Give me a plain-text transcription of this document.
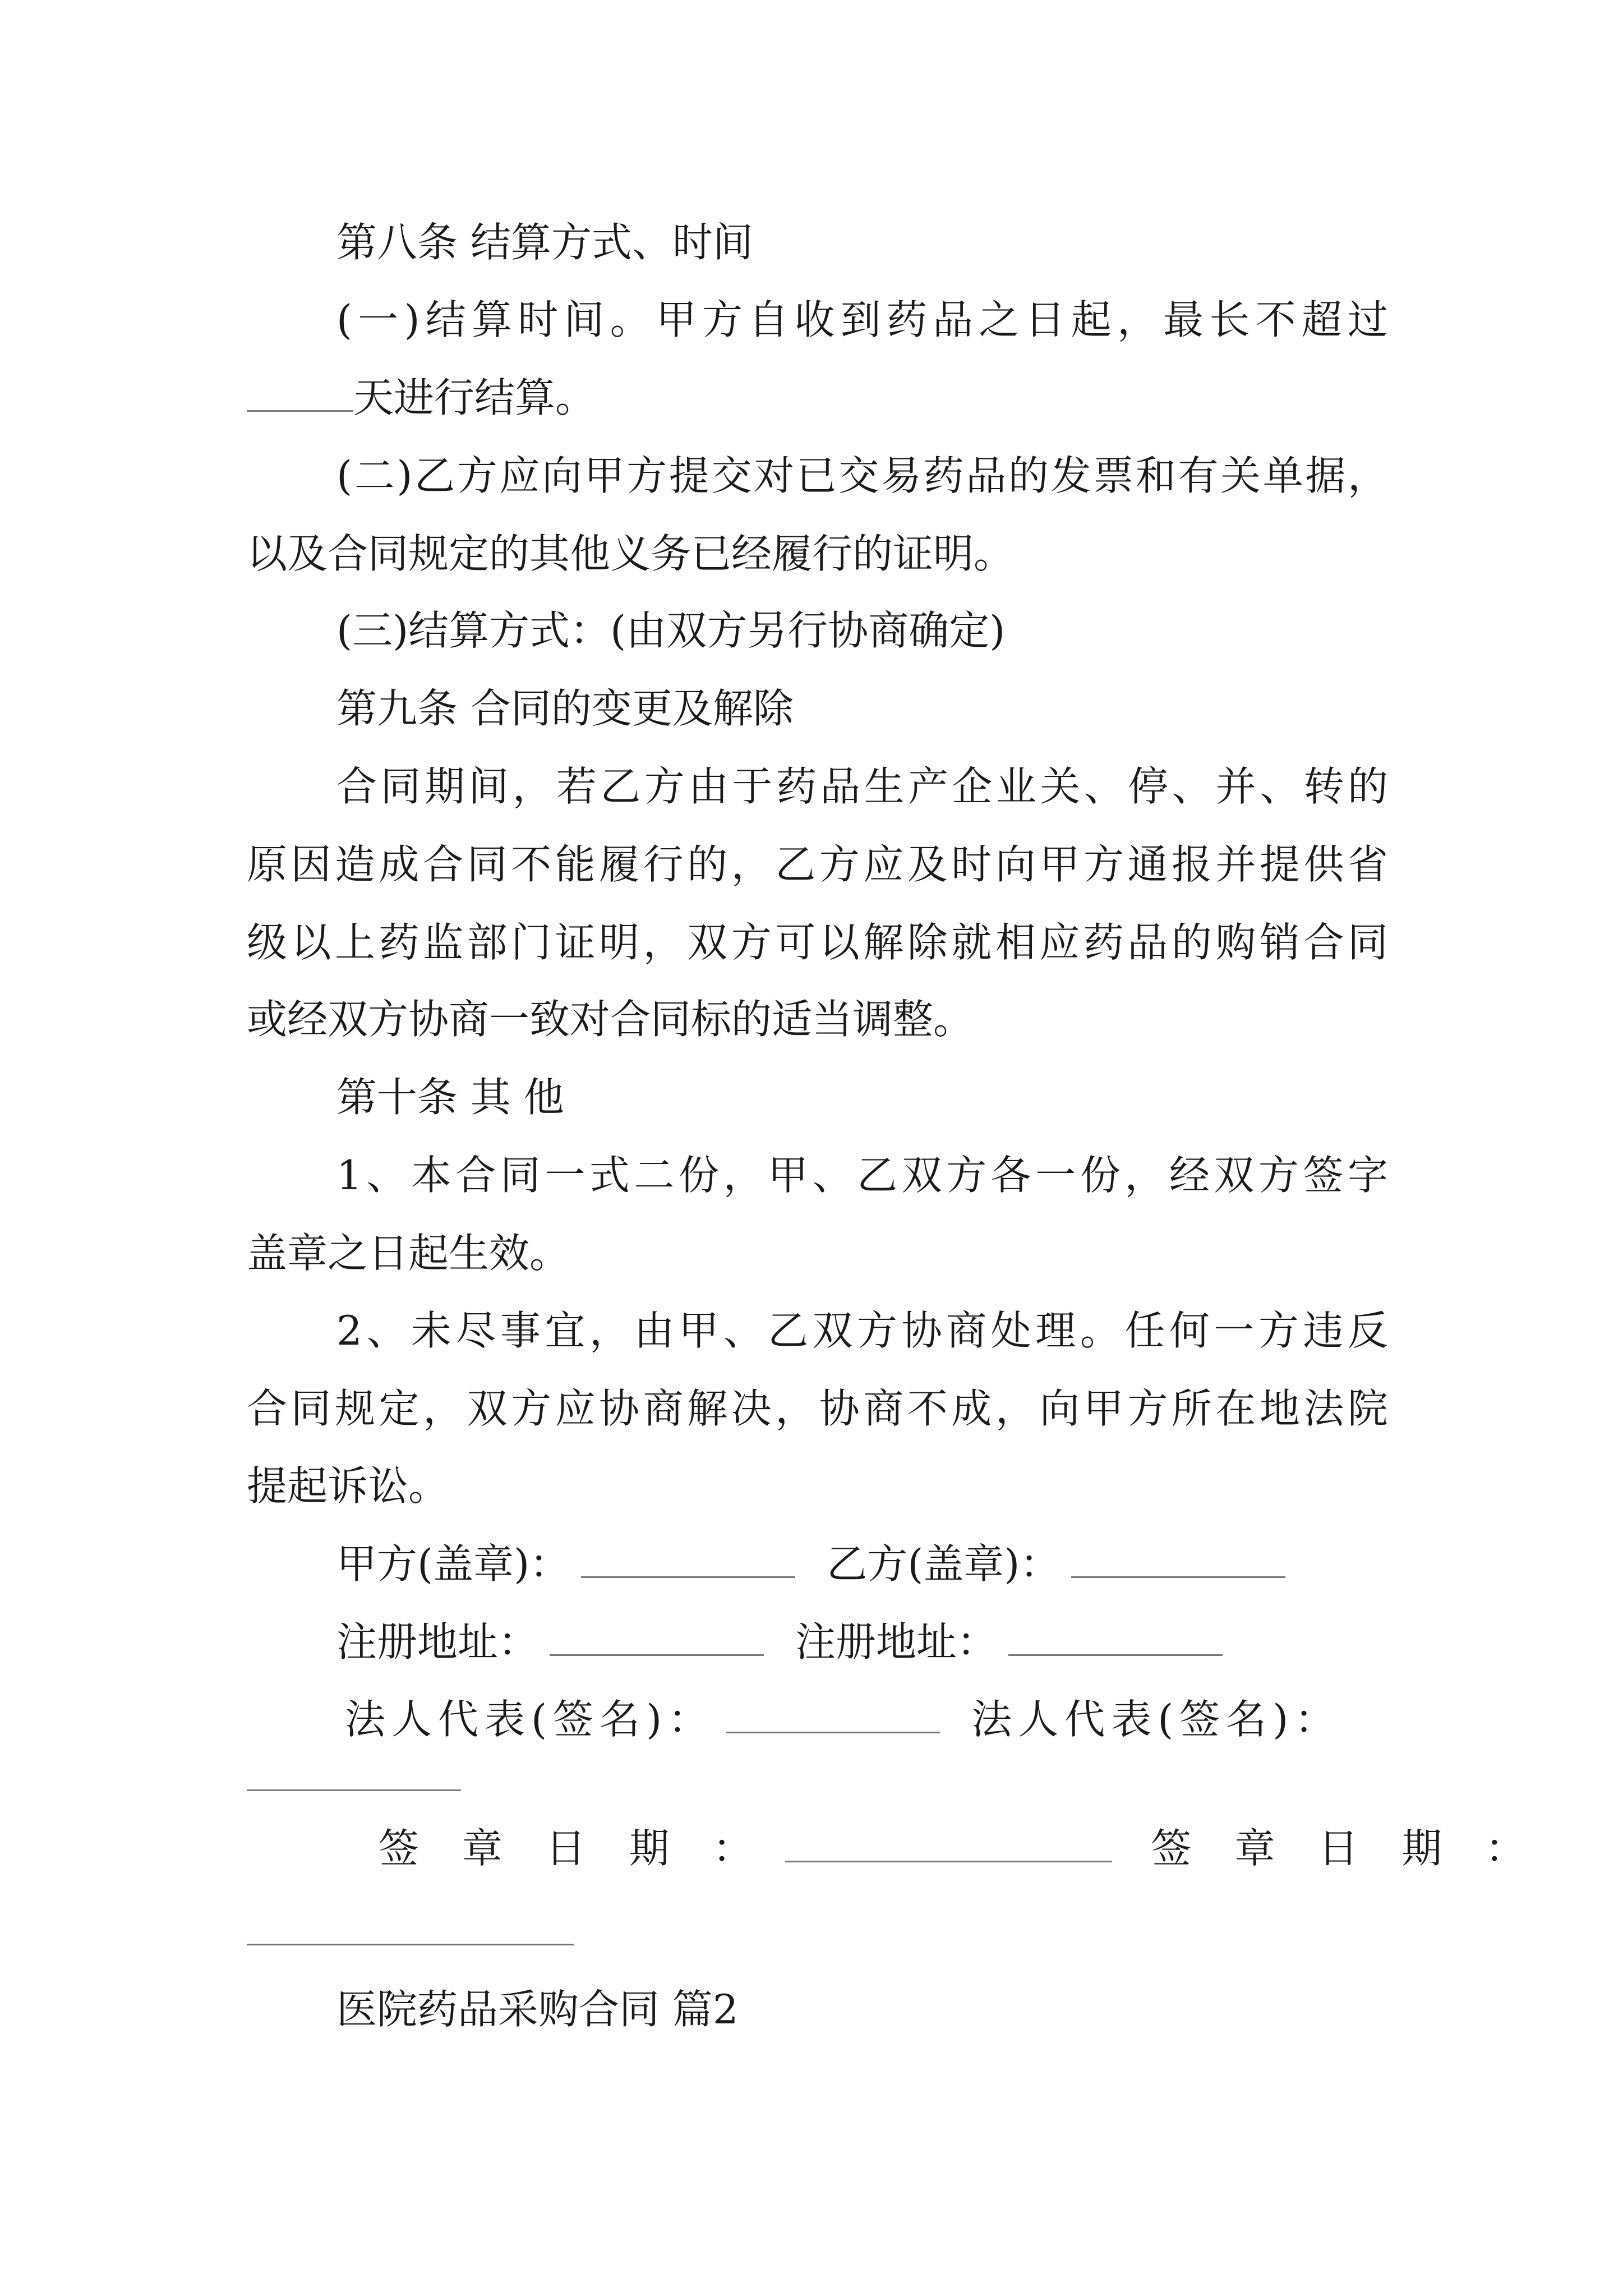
第八条 结算方式、时间

(一)结算时间。甲方自收到药品之日起，最长不超过

天进行结算。

(二)乙方应向甲方提交对已交易药品的发票和有关单据，

以及合同规定的其他义务已经履行的证明。

(三)结算方式：(由双方另行协商确定)

第九条 合同的变更及解除

合同期间，若乙方由于药品生产企业关、停、并、转的

原因造成合同不能履行的，乙方应及时向甲方通报并提供省

级以上药监部门证明，双方可以解除就相应药品的购销合同

或经双方协商一致对合同标的适当调整。

第十条 其 他

1、本合同一式二份，甲、乙双方各一份，经双方签字

盖章之日起生效。

2、未尽事宜，由甲、乙双方协商处理。任何一方违反

合同规定，双方应协商解决，协商不成，向甲方所在地法院

提起诉讼。

甲方(盖章)：	乙方(盖章)：

注册地址：	注册地址：

法人代表(签名)：	法人代表(签名)：

签 章 日 期 ：	签 章 日 期 ：

医院药品采购合同 篇2
